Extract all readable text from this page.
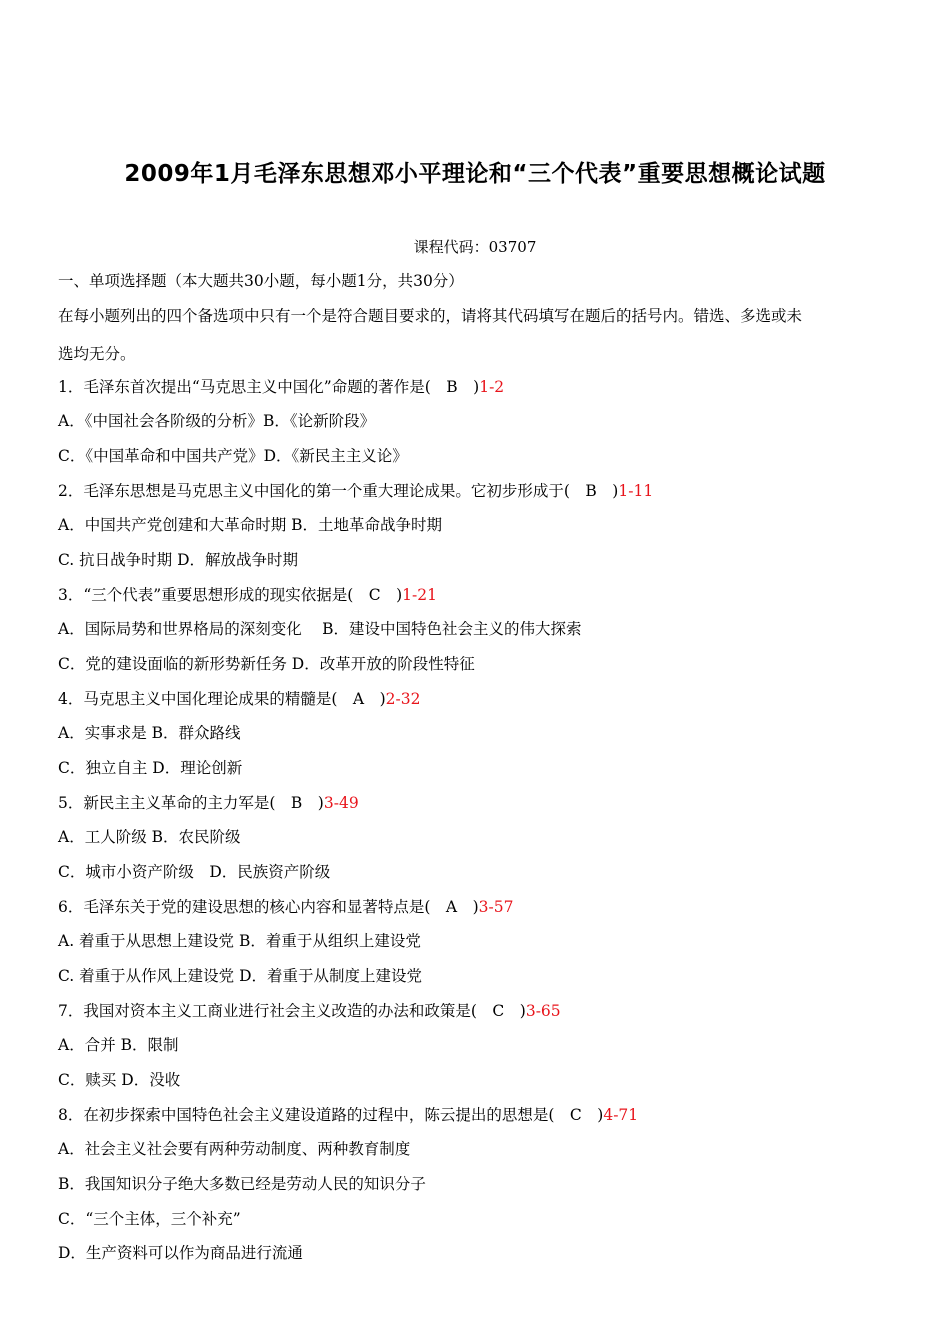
2009年1月毛泽东思想邓小平理论和“三个代表”重要思想概论试题
课程代码：03707
一、单项选择题（本大题共30小题，每小题1分，共30分）
在每小题列出的四个备选项中只有一个是符合题目要求的，请将其代码填写在题后的括号内。错选、多选或未
选均无分。
1．毛泽东首次提出“马克思主义中国化”命题的著作是(　B　)1-2
A．《中国社会各阶级的分析》B．《论新阶段》
C．《中国革命和中国共产党》D．《新民主主义论》
2．毛泽东思想是马克思主义中国化的第一个重大理论成果。它初步形成于(　B　)1-11
A．中国共产党创建和大革命时期 B．土地革命战争时期
C. 抗日战争时期 D．解放战争时期
3．“三个代表”重要思想形成的现实依据是(　C　)1-21
A．国际局势和世界格局的深刻变化　 B．建设中国特色社会主义的伟大探索
C．党的建设面临的新形势新任务 D．改革开放的阶段性特征
4．马克思主义中国化理论成果的精髓是(　A　)2-32
A．实事求是 B．群众路线
C．独立自主 D．理论创新
5．新民主主义革命的主力军是(　B　)3-49
A．工人阶级 B．农民阶级
C．城市小资产阶级　D．民族资产阶级
6．毛泽东关于党的建设思想的核心内容和显著特点是(　A　)3-57
A. 着重于从思想上建设党 B．着重于从组织上建设党
C. 着重于从作风上建设党 D．着重于从制度上建设党
7．我国对资本主义工商业进行社会主义改造的办法和政策是(　C　)3-65
A．合并 B．限制
C．赎买 D．没收
8．在初步探索中国特色社会主义建设道路的过程中，陈云提出的思想是(　C　)4-71
A．社会主义社会要有两种劳动制度、两种教育制度
B．我国知识分子绝大多数已经是劳动人民的知识分子
C．“三个主体，三个补充”
D．生产资料可以作为商品进行流通
